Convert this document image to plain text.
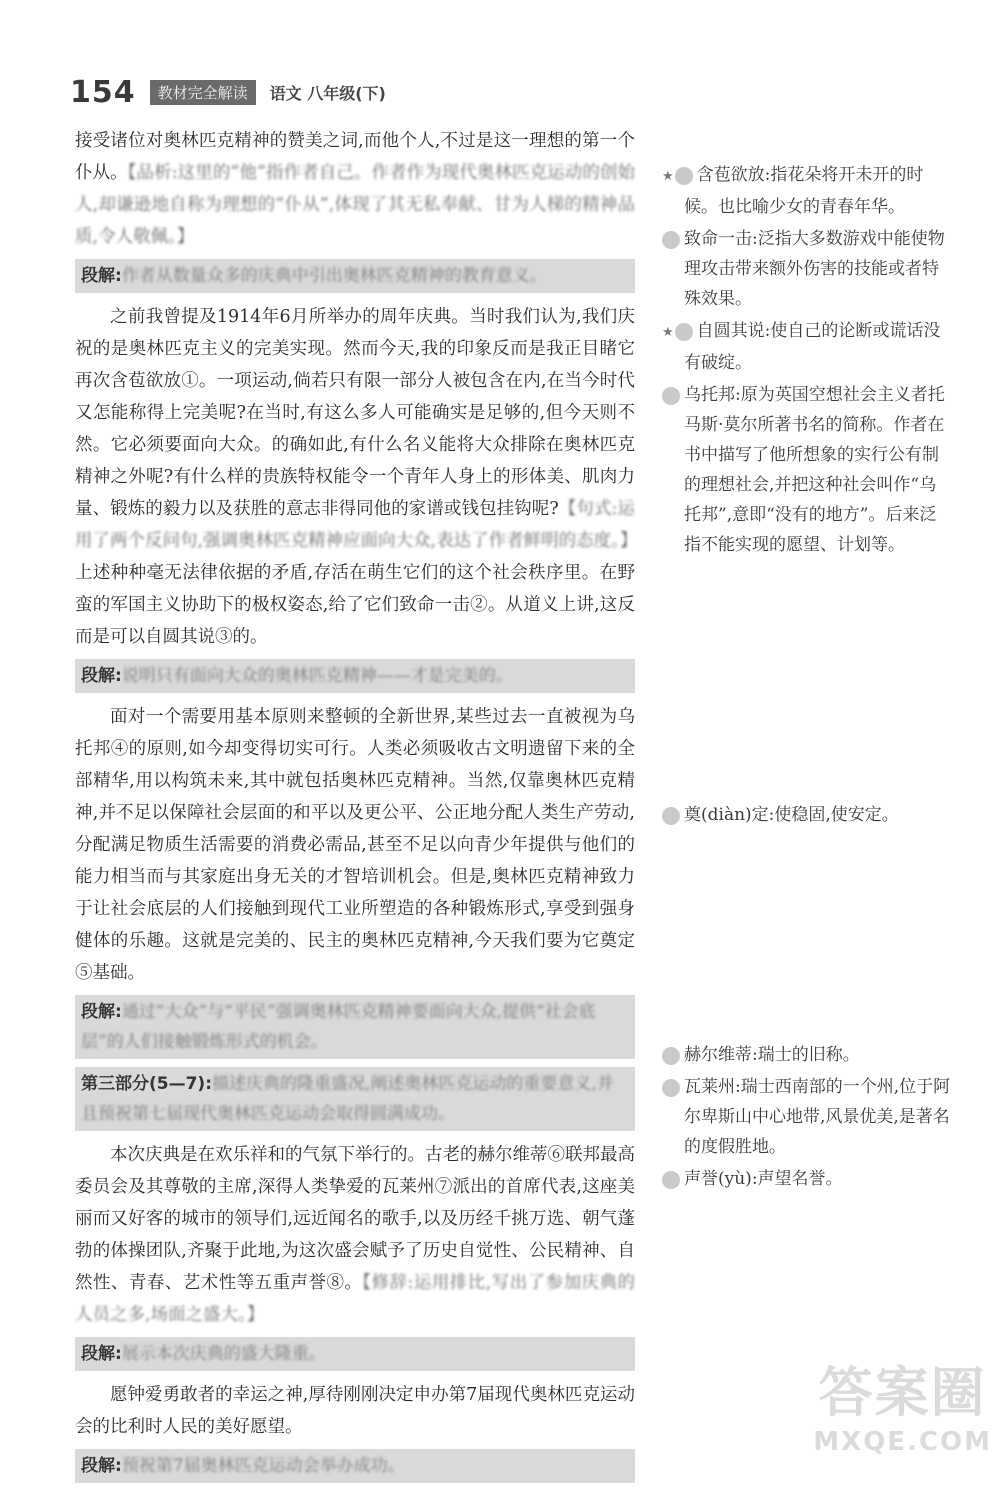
154	教材完全解读	语文 八年级(下)

接受诸位对奥林匹克精神的赞美之词,而他个人,不过是这一理想的第一个仆从。【品析:这里的“他”指作者自己。作者作为现代奥林匹克运动的创始人,却谦逊地自称为理想的“仆从”,体现了其无私奉献、甘为人梯的精神品质,令人敬佩。】

段解:作者从数量众多的庆典中引出奥林匹克精神的教育意义。

之前我曾提及1914年6月所举办的周年庆典。当时我们认为,我们庆祝的是奥林匹克主义的完美实现。然而今天,我的印象反而是我正目睹它再次含苞欲放①。一项运动,倘若只有限一部分人被包含在内,在当今时代又怎能称得上完美呢?在当时,有这么多人可能确实是足够的,但今天则不然。它必须要面向大众。的确如此,有什么名义能将大众排除在奥林匹克精神之外呢?有什么样的贵族特权能令一个青年人身上的形体美、肌肉力量、锻炼的毅力以及获胜的意志非得同他的家谱或钱包挂钩呢?【句式:运用了两个反问句,强调奥林匹克精神应面向大众,表达了作者鲜明的态度。】上述种种毫无法律依据的矛盾,存活在萌生它们的这个社会秩序里。在野蛮的军国主义协助下的极权姿态,给了它们致命一击②。从道义上讲,这反而是可以自圆其说③的。

段解:说明只有面向大众的奥林匹克精神——才是完美的。

面对一个需要用基本原则来整顿的全新世界,某些过去一直被视为乌托邦④的原则,如今却变得切实可行。人类必须吸收古文明遗留下来的全部精华,用以构筑未来,其中就包括奥林匹克精神。当然,仅靠奥林匹克精神,并不足以保障社会层面的和平以及更公平、公正地分配人类生产劳动,分配满足物质生活需要的消费必需品,甚至不足以向青少年提供与他们的能力相当而与其家庭出身无关的才智培训机会。但是,奥林匹克精神致力于让社会底层的人们接触到现代工业所塑造的各种锻炼形式,享受到强身健体的乐趣。这就是完美的、民主的奥林匹克精神,今天我们要为它奠定⑤基础。

段解:通过“大众”与“平民”强调奥林匹克精神要面向大众,提供“社会底层”的人们接触锻炼形式的机会。
第三部分(5—7):描述庆典的隆重盛况,阐述奥林匹克运动的重要意义,并且预祝第七届现代奥林匹克运动会取得圆满成功。

本次庆典是在欢乐祥和的气氛下举行的。古老的赫尔维蒂⑥联邦最高委员会及其尊敬的主席,深得人类挚爱的瓦莱州⑦派出的首席代表,这座美丽而又好客的城市的领导们,远近闻名的歌手,以及历经千挑万选、朝气蓬勃的体操团队,齐聚于此地,为这次盛会赋予了历史自觉性、公民精神、自然性、青春、艺术性等五重声誉⑧。【修辞:运用排比,写出了参加庆典的人员之多,场面之盛大。】

段解:展示本次庆典的盛大隆重。

愿钟爱勇敢者的幸运之神,厚待刚刚决定申办第7届现代奥林匹克运动会的比利时人民的美好愿望。

段解:预祝第7届奥林匹克运动会举办成功。
★ 含苞欲放:指花朵将开未开的时候。也比喻少女的青春年华。
致命一击:泛指大多数游戏中能使物理攻击带来额外伤害的技能或者特殊效果。
★ 自圆其说:使自己的论断或谎话没有破绽。
乌托邦:原为英国空想社会主义者托马斯·莫尔所著书名的简称。作者在书中描写了他所想象的实行公有制的理想社会,并把这种社会叫作“乌托邦”,意即“没有的地方”。后来泛指不能实现的愿望、计划等。
奠(diàn)定:使稳固,使安定。
赫尔维蒂:瑞士的旧称。
瓦莱州:瑞士西南部的一个州,位于阿尔卑斯山中心地带,风景优美,是著名的度假胜地。
声誉(yù):声望名誉。
答案圈
MXQE.COM
